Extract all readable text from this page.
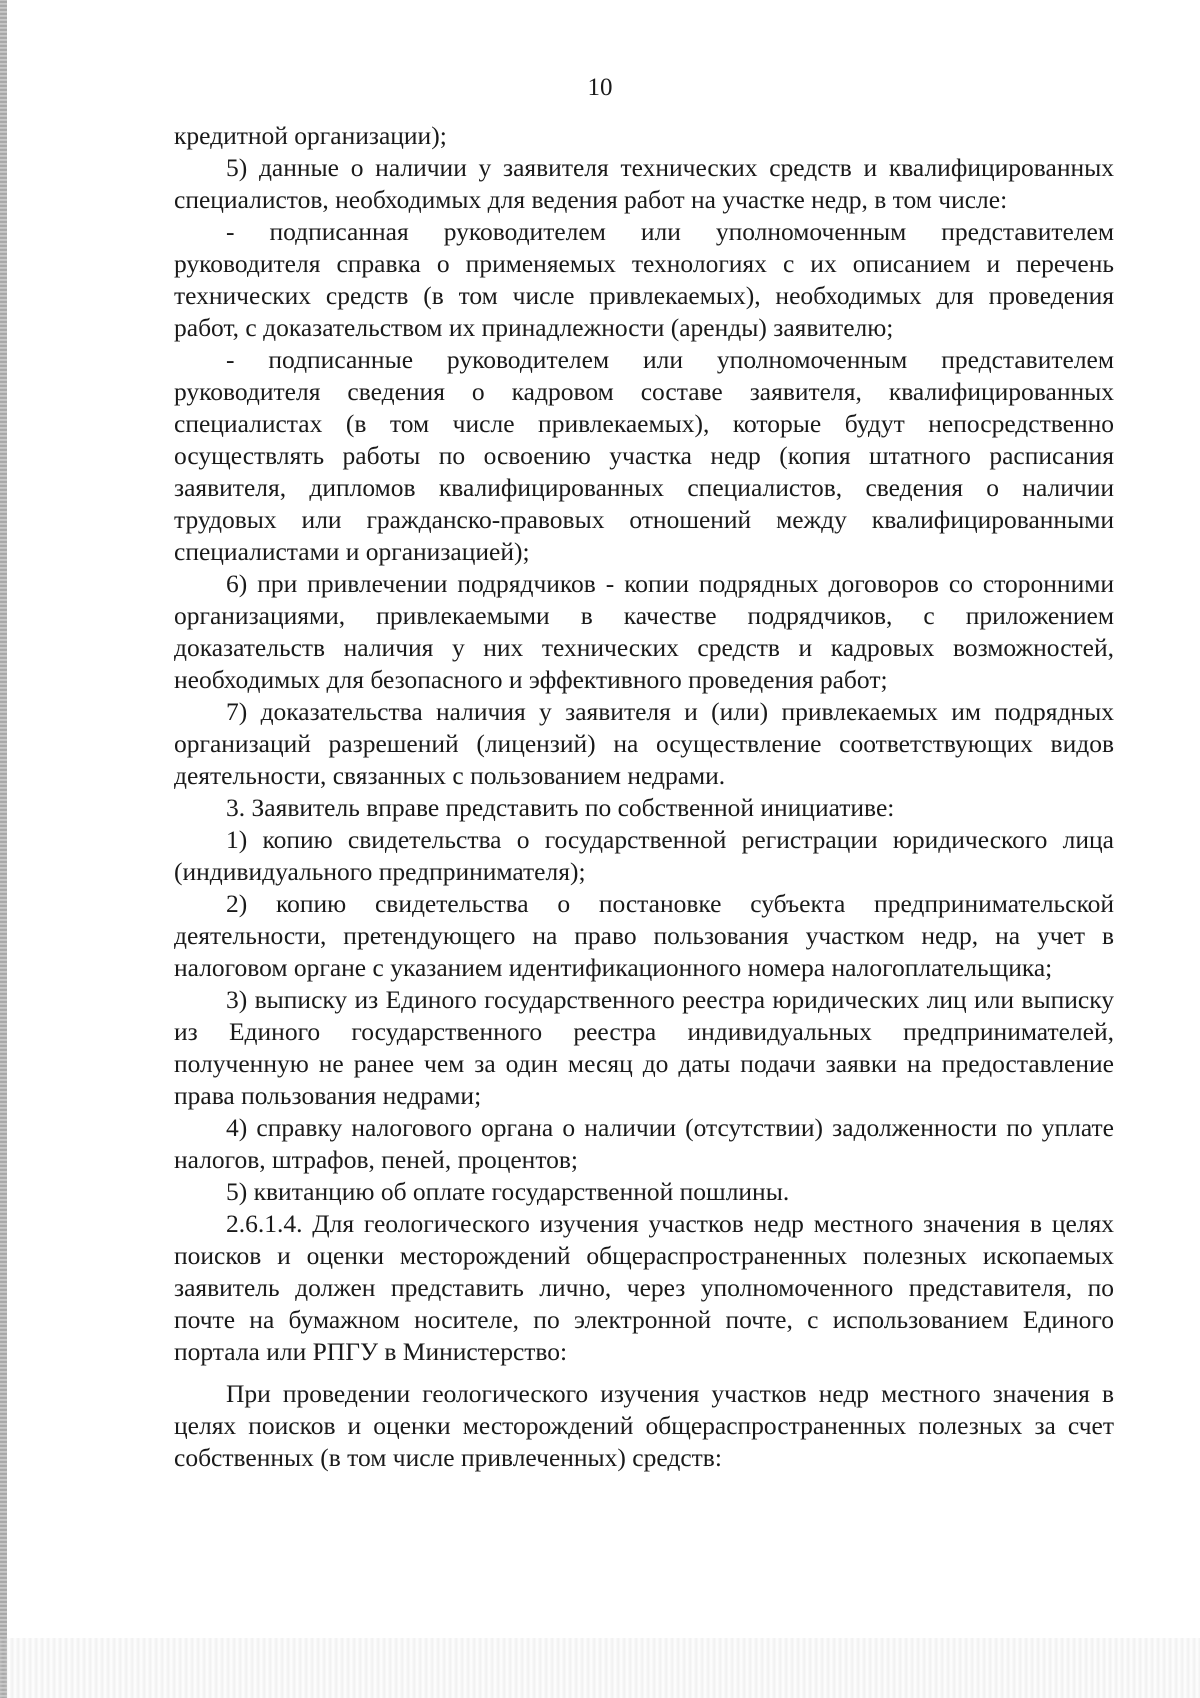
10

кредитной организации);

5) данные о наличии у заявителя технических средств и квалифицированных специалистов, необходимых для ведения работ на участке недр, в том числе:

- подписанная руководителем или уполномоченным представителем руководителя справка о применяемых технологиях с их описанием и перечень технических средств (в том числе привлекаемых), необходимых для проведения работ, с доказательством их принадлежности (аренды) заявителю;

- подписанные руководителем или уполномоченным представителем руководителя сведения о кадровом составе заявителя, квалифицированных специалистах (в том числе привлекаемых), которые будут непосредственно осуществлять работы по освоению участка недр (копия штатного расписания заявителя, дипломов квалифицированных специалистов, сведения о наличии трудовых или гражданско-правовых отношений между квалифицированными специалистами и организацией);

6) при привлечении подрядчиков - копии подрядных договоров со сторонними организациями, привлекаемыми в качестве подрядчиков, с приложением доказательств наличия у них технических средств и кадровых возможностей, необходимых для безопасного и эффективного проведения работ;

7) доказательства наличия у заявителя и (или) привлекаемых им подрядных организаций разрешений (лицензий) на осуществление соответствующих видов деятельности, связанных с пользованием недрами.

3. Заявитель вправе представить по собственной инициативе:

1) копию свидетельства о государственной регистрации юридического лица (индивидуального предпринимателя);

2) копию свидетельства о постановке субъекта предпринимательской деятельности, претендующего на право пользования участком недр, на учет в налоговом органе с указанием идентификационного номера налогоплательщика;

3) выписку из Единого государственного реестра юридических лиц или выписку из Единого государственного реестра индивидуальных предпринимателей, полученную не ранее чем за один месяц до даты подачи заявки на предоставление права пользования недрами;

4) справку налогового органа о наличии (отсутствии) задолженности по уплате налогов, штрафов, пеней, процентов;

5) квитанцию об оплате государственной пошлины.

2.6.1.4. Для геологического изучения участков недр местного значения в целях поисков и оценки месторождений общераспространенных полезных ископаемых заявитель должен представить лично, через уполномоченного представителя, по почте на бумажном носителе, по электронной почте, с использованием Единого портала или РПГУ в Министерство:

При проведении геологического изучения участков недр местного значения в целях поисков и оценки месторождений общераспространенных полезных за счет собственных (в том числе привлеченных) средств:
